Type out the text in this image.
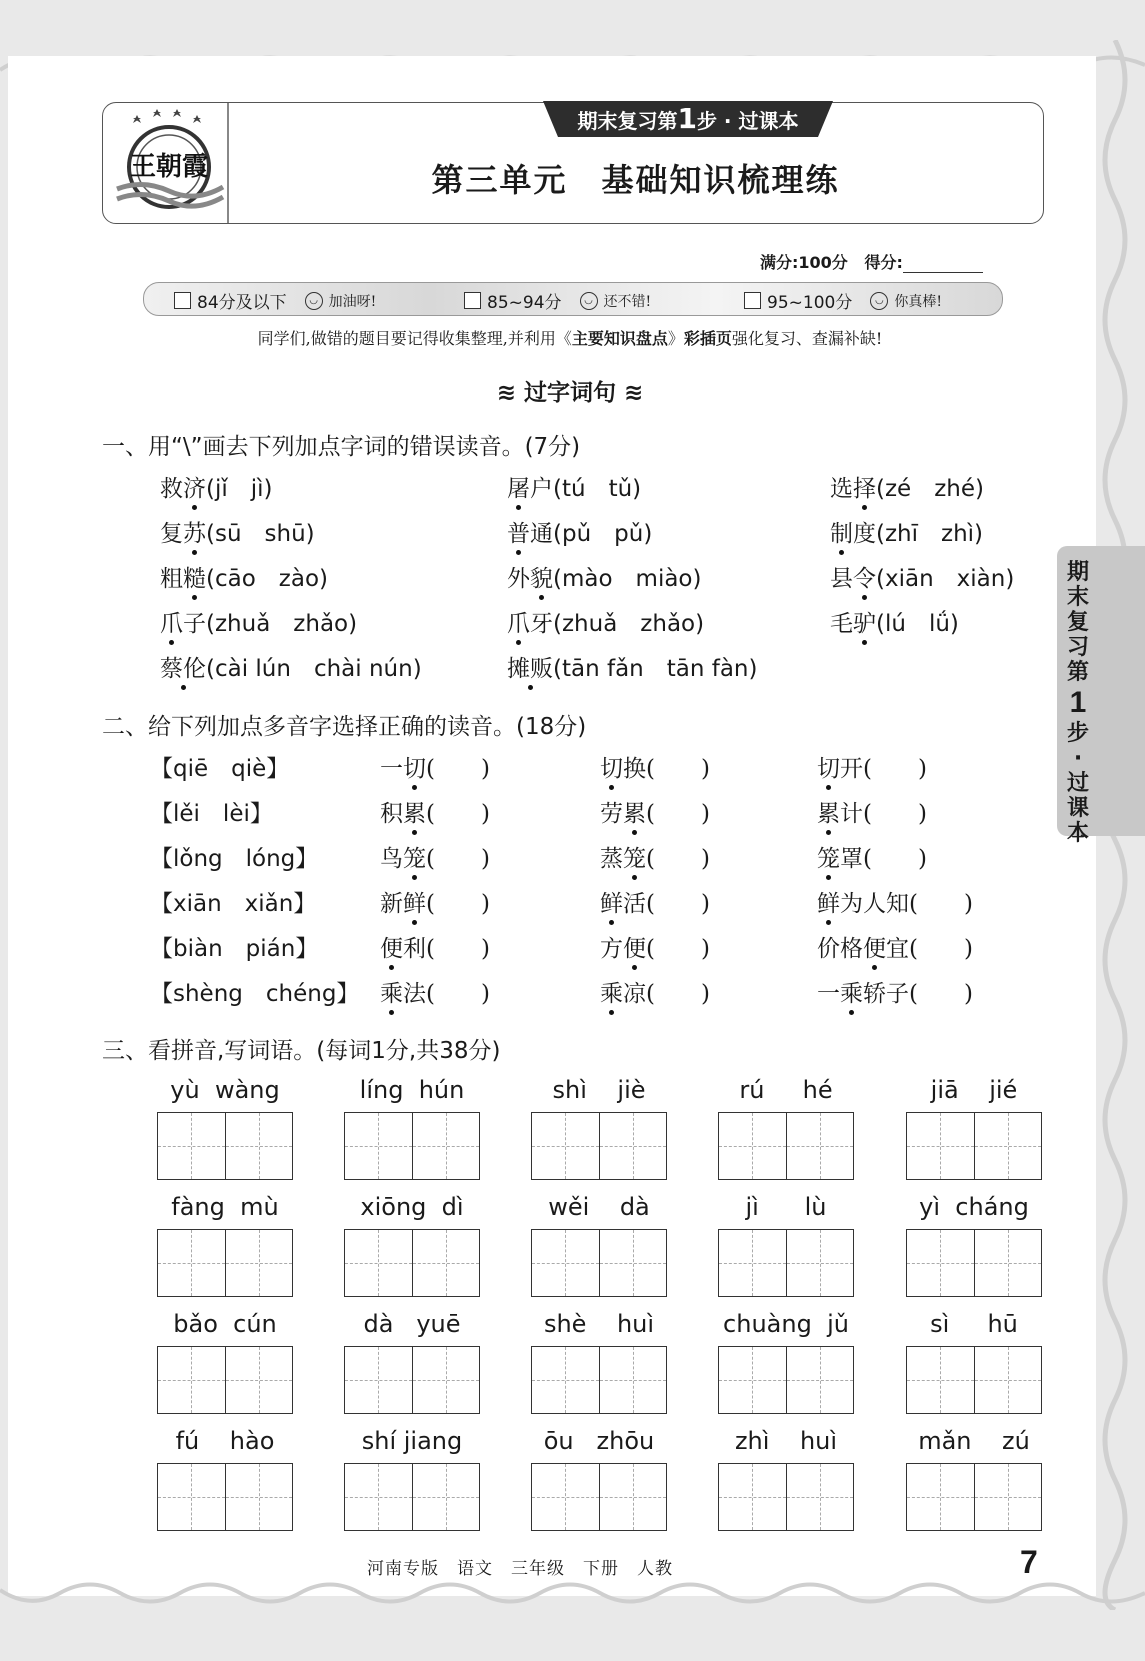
王朝霞
期末复习第1步 · 过课本
第三单元　基础知识梳理练
满分:100分 得分:
84分及以下	◡ 加油呀!	85~94分	◡ 还不错!	95~100分	◡ 你真棒!
同学们,做错的题目要记得收集整理,并利用《主要知识盘点》彩插页强化复习、查漏补缺!
≋ 过字词句 ≋
一、用“\”画去下列加点字词的错误读音。(7分)
救济(jǐ　jì)	屠户(tú　tǔ)	选择(zé　zhé)
复苏(sū　shū)	普通(pǔ　pǔ)	制度(zhī　zhì)
粗糙(cāo　zào)	外貌(mào　miào)	县令(xiān　xiàn)
爪子(zhuǎ　zhǎo)	爪牙(zhuǎ　zhǎo)	毛驴(lú　lǘ)
蔡伦(cài lún　chài nún)	摊贩(tān fǎn　tān fàn)
二、给下列加点多音字选择正确的读音。(18分)
【qiē　qiè】	一切(　　)	切换(　　)	切开(　　)
【lěi　lèi】	积累(　　)	劳累(　　)	累计(　　)
【lǒng　lóng】	鸟笼(　　)	蒸笼(　　)	笼罩(　　)
【xiān　xiǎn】	新鲜(　　)	鲜活(　　)	鲜为人知(　　)
【biàn　pián】	便利(　　)	方便(　　)	价格便宜(　　)
【shèng　chéng】 乘法(　　)	乘凉(　　)	一乘轿子(　　)
三、看拼音,写词语。(每词1分,共38分)
yù  wàng	líng  hún	shì    jiè	rú     hé	jiā    jié
fàng  mù	xiōng  dì	wěi    dà	jì      lù	yì  cháng
bǎo  cún	dà   yuē	shè    huì	chuàng  jǔ	sì     hū
fú    hào	shí jiang	ōu   zhōu	zhì    huì	mǎn    zú
期
末
复
习
第
1
步
·
过
课
本
河南专版　语文　三年级　下册　人教	7
